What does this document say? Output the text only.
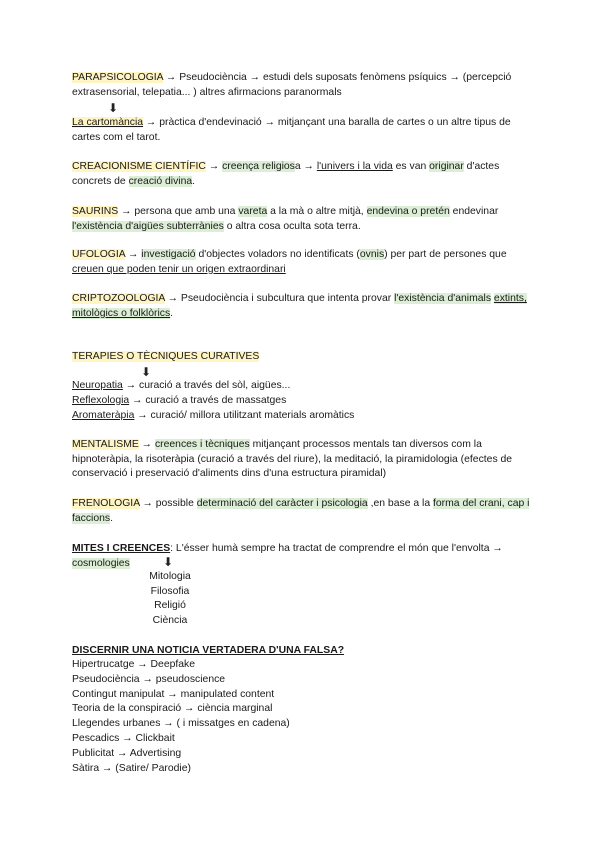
PARAPSICOLOGIA → Pseudociència → estudi dels suposats fenòmens psíquics → (percepció extrasensorial, telepatia... ) altres afirmacions paranormals
⬇
La cartomància → pràctica d'endevinació → mitjançant una baralla de cartes o un altre tipus de cartes com el tarot.
CREACIONISME CIENTÍFIC → creença religiosa → l'univers i la vida es van originar d'actes concrets de creació divina.
SAURINS → persona que amb una vareta a la mà o altre mitjà, endevina o pretén endevinar l'existència d'aigües subterrànies o altra cosa oculta sota terra.
UFOLOGIA → investigació d'objectes voladors no identificats (ovnis) per part de persones que creuen que poden tenir un origen extraordinari
CRIPTOZOOLOGIA → Pseudociència i subcultura que intenta provar l'existència d'animals extints, mitològics o folklòrics.
TERAPIES O TÈCNIQUES CURATIVES
⬇
Neuropatia → curació a través del sòl, aigües...
Reflexologia → curació a través de massatges
Aromateràpia → curació/ millora utilitzant materials aromàtics
MENTALISME → creences i tècniques mitjançant processos mentals tan diversos com la hipnoteràpia, la risoteràpia (curació a través del riure), la meditació, la piramidologia (efectes de conservació i preservació d'aliments dins d'una estructura piramidal)
FRENOLOGIA → possible determinació del caràcter i psicologia ,en base a la forma del crani, cap i faccions.
MITES I CREENCES: L'ésser humà sempre ha tractat de comprendre el món que l'envolta → cosmologies	⬇
Mitologia
Filosofia
Religió
Ciència
DISCERNIR UNA NOTICIA VERTADERA D'UNA FALSA?
Hipertrucatge → Deepfake
Pseudociència → pseudoscience
Contingut manipulat → manipulated content
Teoria de la conspiració → ciència marginal
Llegendes urbanes → ( i missatges en cadena)
Pescadics → Clickbait
Publicitat → Advertising
Sàtira → (Satire/ Parodie)
